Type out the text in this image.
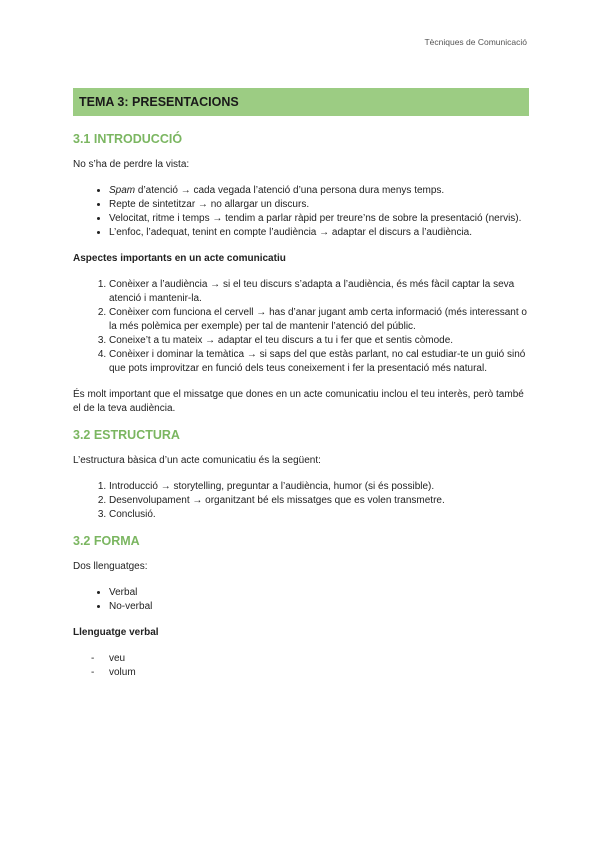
Tècniques de Comunicació
TEMA 3: PRESENTACIONS
3.1 INTRODUCCIÓ

No s’ha de perdre la vista:

• Spam d’atenció → cada vegada l’atenció d’una persona dura menys temps.
• Repte de sintetitzar → no allargar un discurs.
• Velocitat, ritme i temps → tendim a parlar ràpid per treure’ns de sobre la presentació (nervis).
• L’enfoc, l’adequat, tenint en compte l’audiència → adaptar el discurs a l’audiència.

Aspectes importants en un acte comunicatiu

1. Conèixer a l’audiència → si el teu discurs s’adapta a l’audiència, és més fàcil captar la seva atenció i mantenir-la.
2. Conèixer com funciona el cervell → has d’anar jugant amb certa informació (més interessant o la més polèmica per exemple) per tal de mantenir l’atenció del públic.
3. Coneixe’t a tu mateix → adaptar el teu discurs a tu i fer que et sentis còmode.
4. Conèixer i dominar la temàtica → si saps del que estàs parlant, no cal estudiar-te un guió sinó que pots improvitzar en funció dels teus coneixement i fer la presentació més natural.

És molt important que el missatge que dones en un acte comunicatiu inclou el teu interès, però també el de la teva audiència.

3.2 ESTRUCTURA

L’estructura bàsica d’un acte comunicatiu és la següent:

1. Introducció → storytelling, preguntar a l’audiència, humor (si és possible).
2. Desenvolupament → organitzant bé els missatges que es volen transmetre.
3. Conclusió.
3.2 FORMA

Dos llenguatges:

• Verbal
• No-verbal

Llenguatge verbal

- veu
- volum
